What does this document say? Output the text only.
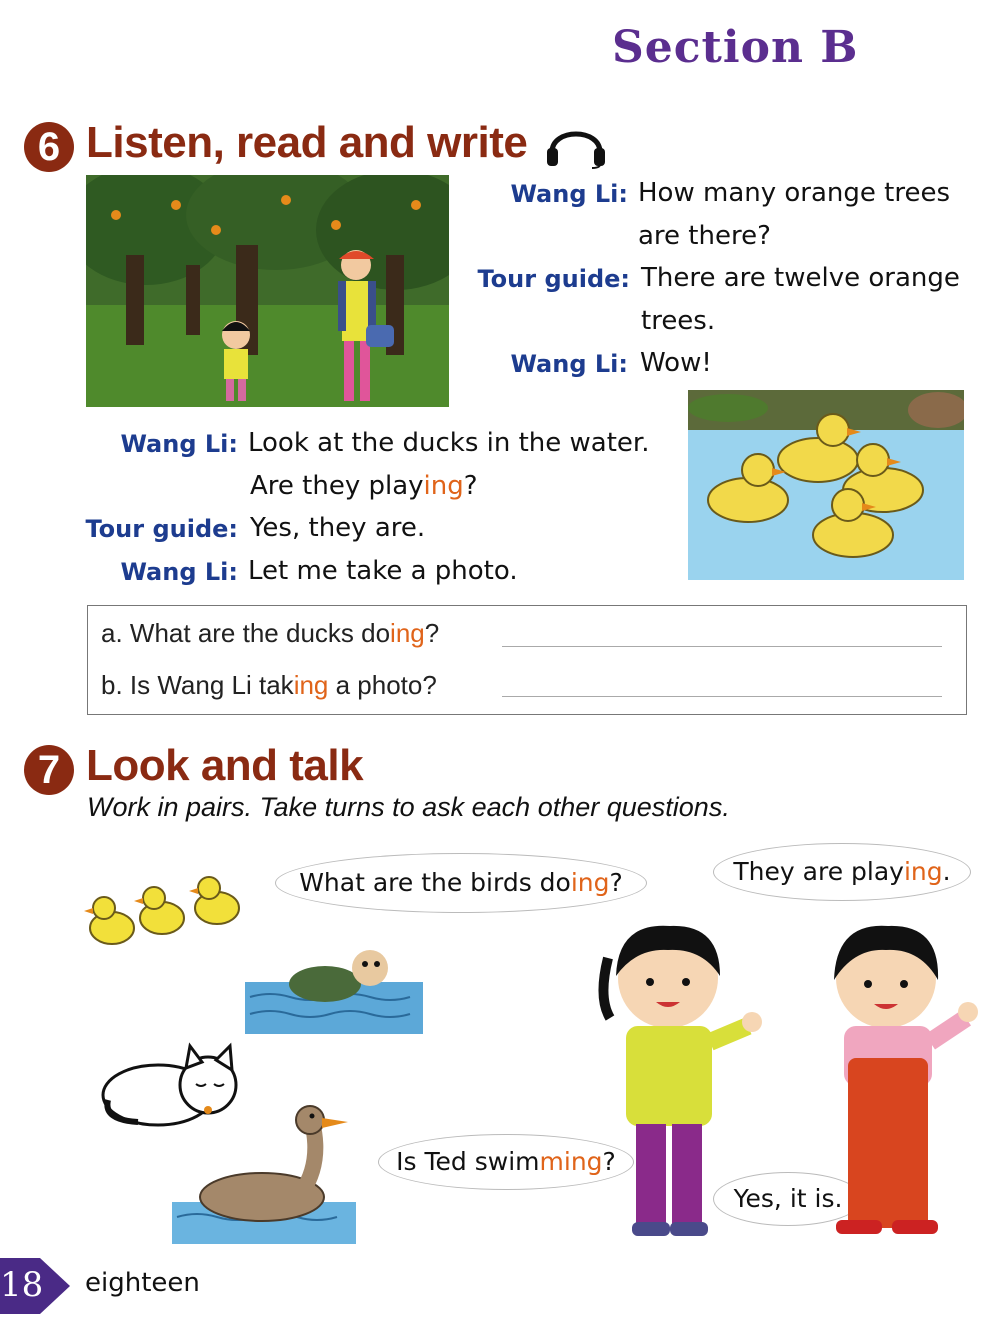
Section B
6 Listen, read and write
Wang Li: How many orange trees
are there?
Tour guide: There are twelve orange
trees.
Wang Li: Wow!
Wang Li: Look at the ducks in the water.
Are they playing?
Tour guide: Yes, they are.
Wang Li: Let me take a photo.
a. What are the ducks doing?
b. Is Wang Li taking a photo?
7 Look and talk
Work in pairs. Take turns to ask each other questions.
What are the birds doing?	They are playing.
Is Ted swimming?
Yes, it is.
18 eighteen
